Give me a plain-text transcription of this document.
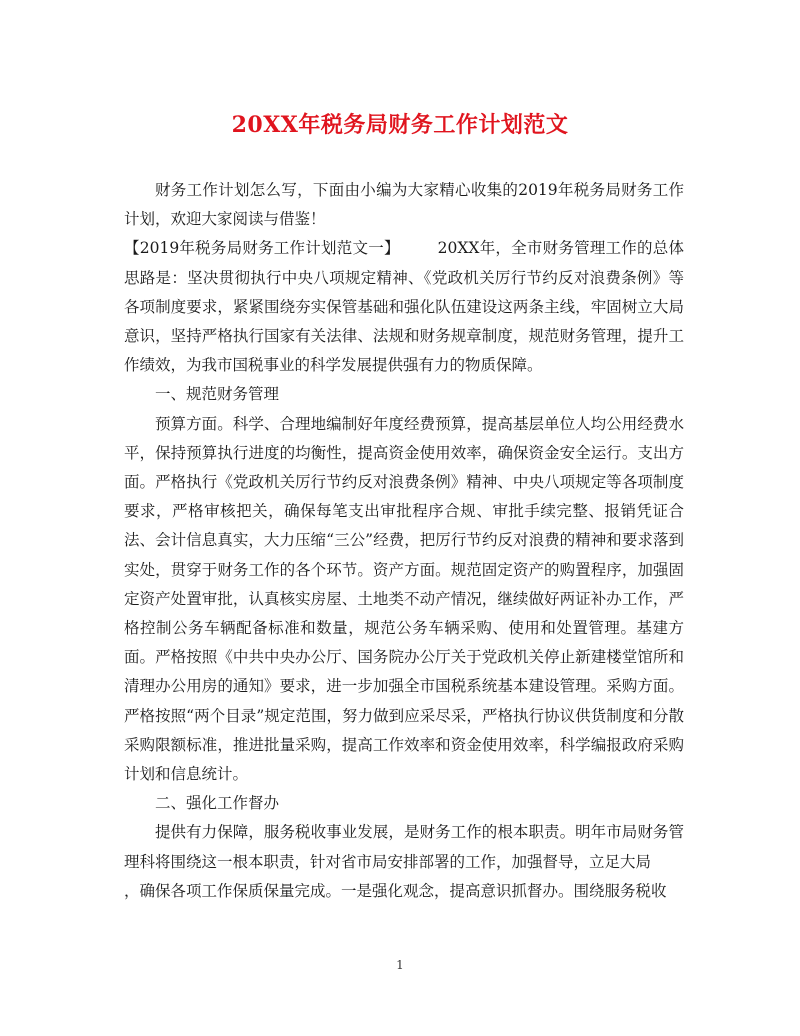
20XX年税务局财务工作计划范文

财务工作计划怎么写，下面由小编为大家精心收集的2019年税务局财务工作计划，欢迎大家阅读与借鉴！

【2019年税务局财务工作计划范文一】 20XX年，全市财务管理工作的总体思路是：坚决贯彻执行中央八项规定精神、《党政机关厉行节约反对浪费条例》等各项制度要求，紧紧围绕夯实保管基础和强化队伍建设这两条主线，牢固树立大局意识，坚持严格执行国家有关法律、法规和财务规章制度，规范财务管理，提升工作绩效，为我市国税事业的科学发展提供强有力的物质保障。

一、规范财务管理

预算方面。科学、合理地编制好年度经费预算，提高基层单位人均公用经费水平，保持预算执行进度的均衡性，提高资金使用效率，确保资金安全运行。支出方面。严格执行《党政机关厉行节约反对浪费条例》精神、中央八项规定等各项制度要求，严格审核把关，确保每笔支出审批程序合规、审批手续完整、报销凭证合法、会计信息真实，大力压缩“三公”经费，把厉行节约反对浪费的精神和要求落到实处，贯穿于财务工作的各个环节。资产方面。规范固定资产的购置程序，加强固定资产处置审批，认真核实房屋、土地类不动产情况，继续做好两证补办工作，严格控制公务车辆配备标准和数量，规范公务车辆采购、使用和处置管理。基建方面。严格按照《中共中央办公厅、国务院办公厅关于党政机关停止新建楼堂馆所和清理办公用房的通知》要求，进一步加强全市国税系统基本建设管理。采购方面。严格按照“两个目录”规定范围，努力做到应采尽采，严格执行协议供货制度和分散采购限额标准，推进批量采购，提高工作效率和资金使用效率，科学编报政府采购计划和信息统计。

二、强化工作督办

提供有力保障，服务税收事业发展，是财务工作的根本职责。明年市局财务管理科将围绕这一根本职责，针对省市局安排部署的工作，加强督导，立足大局
，确保各项工作保质保量完成。一是强化观念，提高意识抓督办。围绕服务税收

1
